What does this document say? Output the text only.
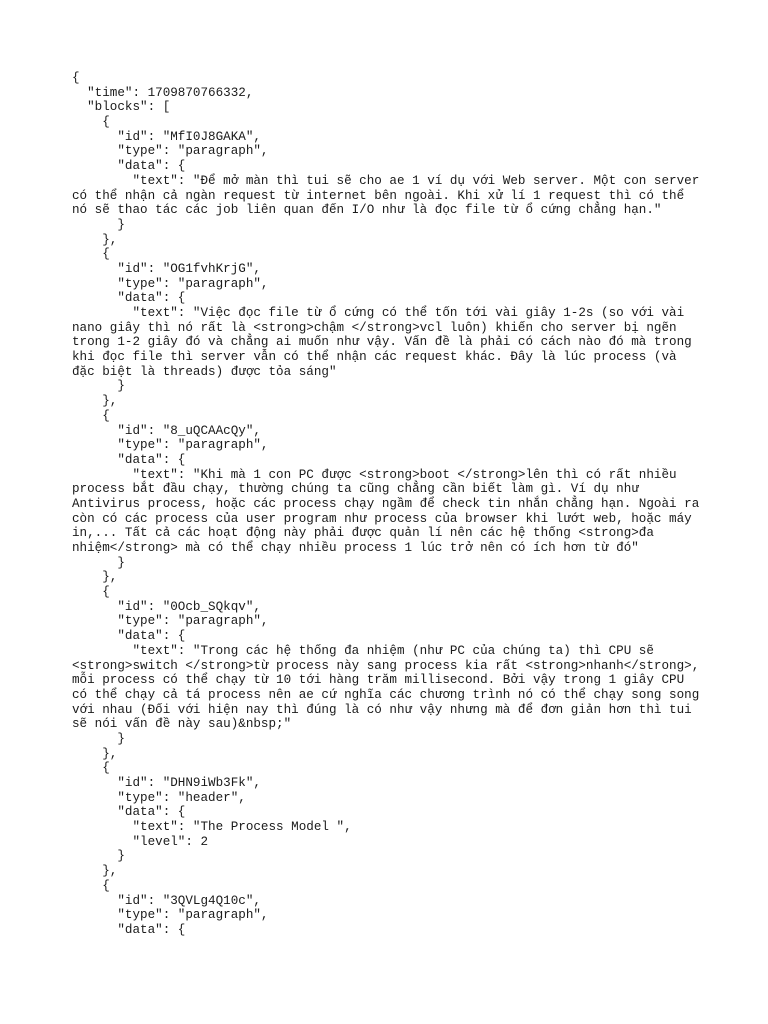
{
"time": 1709870766332,
"blocks": [
{
"id": "MfI0J8GAKA",
"type": "paragraph",
"data": {
"text": "Để mở màn thì tui sẽ cho ae 1 ví dụ với Web server. Một con server
có thể nhận cả ngàn request từ internet bên ngoài. Khi xử lí 1 request thì có thể
nó sẽ thao tác các job liên quan đến I/O như là đọc file từ ổ cứng chẳng hạn."
}
},
{
"id": "OG1fvhKrjG",
"type": "paragraph",
"data": {
"text": "Việc đọc file từ ổ cứng có thể tốn tới vài giây 1-2s (so với vài
nano giây thì nó rất là <strong>chậm </strong>vcl luôn) khiến cho server bị ngẽn
trong 1-2 giây đó và chẳng ai muốn như vậy. Vấn đề là phải có cách nào đó mà trong
khi đọc file thì server vẫn có thể nhận các request khác. Đây là lúc process (và
đặc biệt là threads) được tỏa sáng"
}
},
{
"id": "8_uQCAAcQy",
"type": "paragraph",
"data": {
"text": "Khi mà 1 con PC được <strong>boot </strong>lên thì có rất nhiều
process bắt đầu chạy, thường chúng ta cũng chẳng cần biết làm gì. Ví dụ như
Antivirus process, hoặc các process chạy ngầm để check tin nhắn chẳng hạn. Ngoài ra
còn có các process của user program như process của browser khi lướt web, hoặc máy
in,... Tất cả các hoạt động này phải được quản lí nên các hệ thống <strong>đa
nhiệm</strong> mà có thể chạy nhiều process 1 lúc trở nên có ích hơn từ đó"
}
},
{
"id": "0Ocb_SQkqv",
"type": "paragraph",
"data": {
"text": "Trong các hệ thống đa nhiệm (như PC của chúng ta) thì CPU sẽ
<strong>switch </strong>từ process này sang process kia rất <strong>nhanh</strong>,
mỗi process có thể chạy từ 10 tới hàng trăm millisecond. Bởi vậy trong 1 giây CPU
có thể chạy cả tá process nên ae cứ nghĩa các chương trình nó có thể chạy song song
với nhau (Đối với hiện nay thì đúng là có như vậy nhưng mà để đơn giản hơn thì tui
sẽ nói vấn đề này sau)&nbsp;"
}
},
{
"id": "DHN9iWb3Fk",
"type": "header",
"data": {
"text": "The Process Model ",
"level": 2
}
},
{
"id": "3QVLg4Q10c",
"type": "paragraph",
"data": {
